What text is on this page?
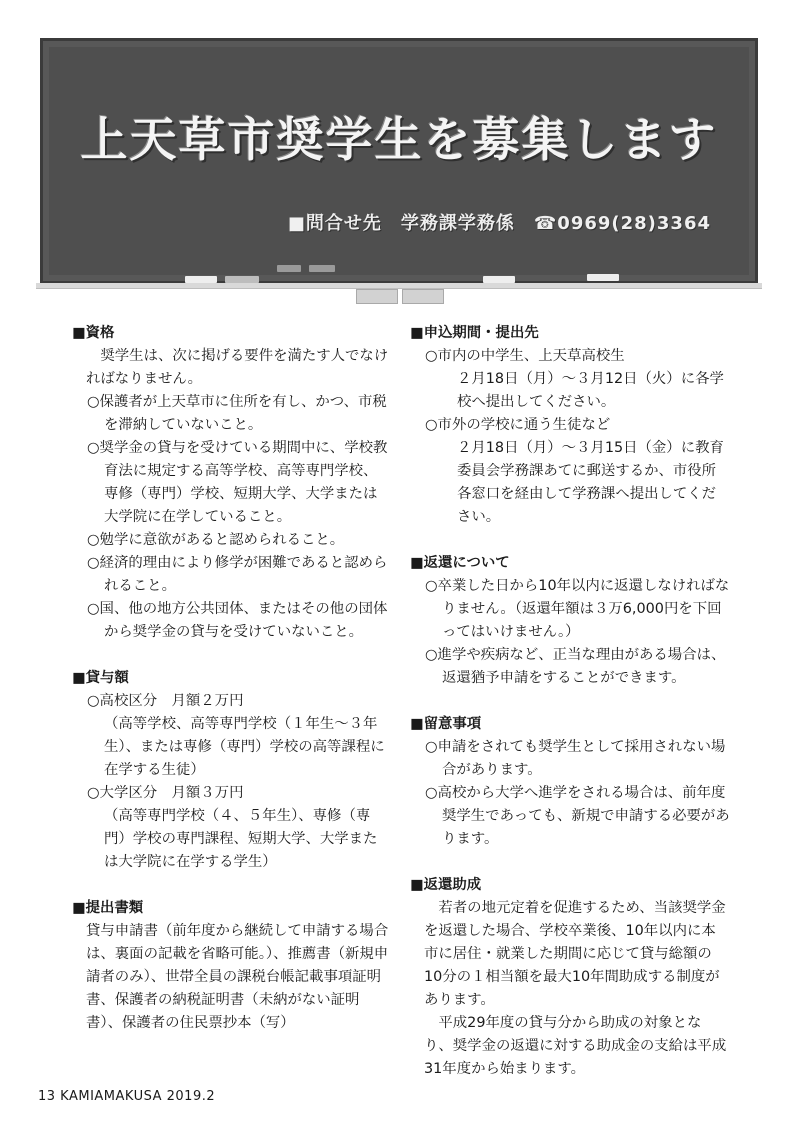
上天草市奨学生を募集します
■問合せ先　学務課学務係　☎0969(28)3364
■資格
奨学生は、次に掲げる要件を満たす人でなければなりません。
○保護者が上天草市に住所を有し、かつ、市税を滞納していないこと。
○奨学金の貸与を受けている期間中に、学校教育法に規定する高等学校、高等専門学校、専修（専門）学校、短期大学、大学または大学院に在学していること。
○勉学に意欲があると認められること。
○経済的理由により修学が困難であると認められること。
○国、他の地方公共団体、またはその他の団体から奨学金の貸与を受けていないこと。
■貸与額
○高校区分　月額２万円
（高等学校、高等専門学校（１年生～３年生）、または専修（専門）学校の高等課程に在学する生徒）
○大学区分　月額３万円
（高等専門学校（４、５年生）、専修（専門）学校の専門課程、短期大学、大学または大学院に在学する学生）
■提出書類
貸与申請書（前年度から継続して申請する場合は、裏面の記載を省略可能。）、推薦書（新規申請者のみ）、世帯全員の課税台帳記載事項証明書、保護者の納税証明書（未納がない証明書）、保護者の住民票抄本（写）
■申込期間・提出先
○市内の中学生、上天草高校生
２月18日（月）～３月12日（火）に各学校へ提出してください。
○市外の学校に通う生徒など
２月18日（月）～３月15日（金）に教育委員会学務課あてに郵送するか、市役所各窓口を経由して学務課へ提出してください。
■返還について
○卒業した日から10年以内に返還しなければなりません。（返還年額は３万6,000円を下回ってはいけません。）
○進学や疾病など、正当な理由がある場合は、返還猶予申請をすることができます。
■留意事項
○申請をされても奨学生として採用されない場合があります。
○高校から大学へ進学をされる場合は、前年度奨学生であっても、新規で申請する必要があります。
■返還助成
若者の地元定着を促進するため、当該奨学金を返還した場合、学校卒業後、10年以内に本市に居住・就業した期間に応じて貸与総額の10分の１相当額を最大10年間助成する制度があります。
平成29年度の貸与分から助成の対象となり、奨学金の返還に対する助成金の支給は平成31年度から始まります。
13 KAMIAMAKUSA 2019.2
